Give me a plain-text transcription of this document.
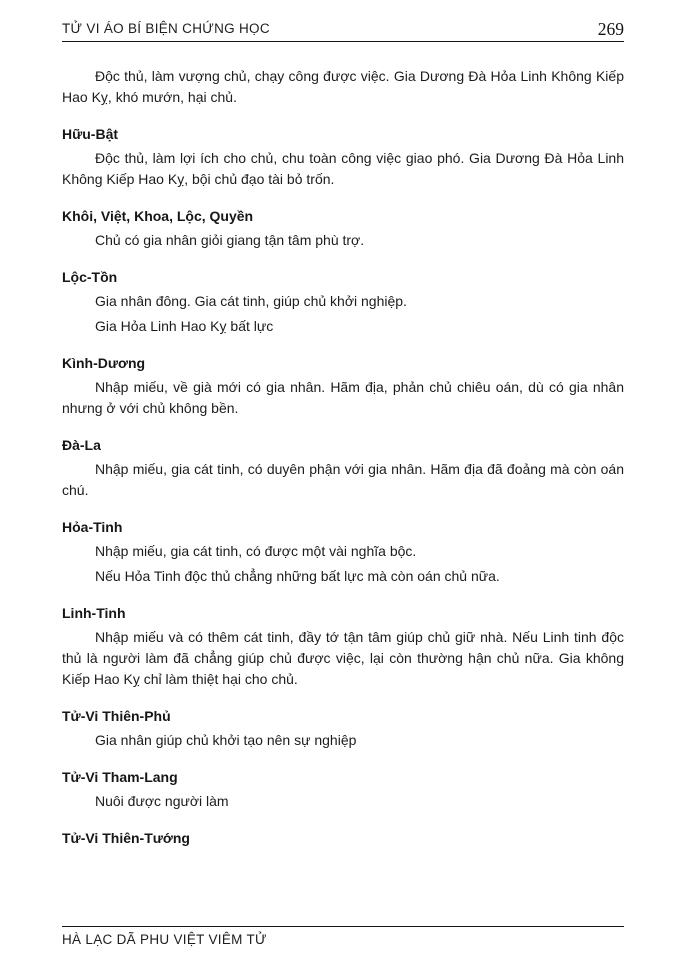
TỬ VI ÁO BÍ BIỆN CHỨNG HỌC	269

Độc thủ, làm vượng chủ, chạy công được việc. Gia Dương Đà Hỏa Linh Không Kiếp Hao Kỵ, khó mướn, hại chủ.

Hữu-Bật

Độc thủ, làm lợi ích cho chủ, chu toàn công việc giao phó. Gia Dương Đà Hỏa Linh Không Kiếp Hao Kỵ, bội chủ đạo tài bỏ trốn.

Khôi, Việt, Khoa, Lộc, Quyền

Chủ có gia nhân giỏi giang tận tâm phù trợ.

Lộc-Tồn

Gia nhân đông. Gia cát tinh, giúp chủ khởi nghiệp.

Gia Hỏa Linh Hao Kỵ bất lực

Kình-Dương

Nhập miếu, về già mới có gia nhân. Hãm địa, phản chủ chiêu oán, dù có gia nhân nhưng ở với chủ không bền.

Đà-La

Nhập miếu, gia cát tinh, có duyên phận với gia nhân. Hãm địa đã đoảng mà còn oán chú.

Hỏa-Tinh

Nhập miếu, gia cát tinh, có được một vài nghĩa bộc.

Nếu Hỏa Tinh độc thủ chẳng những bất lực mà còn oán chủ nữa.

Linh-Tinh

Nhập miếu và có thêm cát tinh, đầy tớ tận tâm giúp chủ giữ nhà. Nếu Linh tinh độc thủ là người làm đã chẳng giúp chủ được việc, lại còn thường hận chủ nữa. Gia không Kiếp Hao Kỵ chỉ làm thiệt hại cho chủ.

Tử-Vi Thiên-Phủ

Gia nhân giúp chủ khởi tạo nên sự nghiệp

Tử-Vi Tham-Lang

Nuôi được người làm

Tử-Vi Thiên-Tướng
HÀ LẠC DÃ PHU VIỆT VIÊM TỬ
